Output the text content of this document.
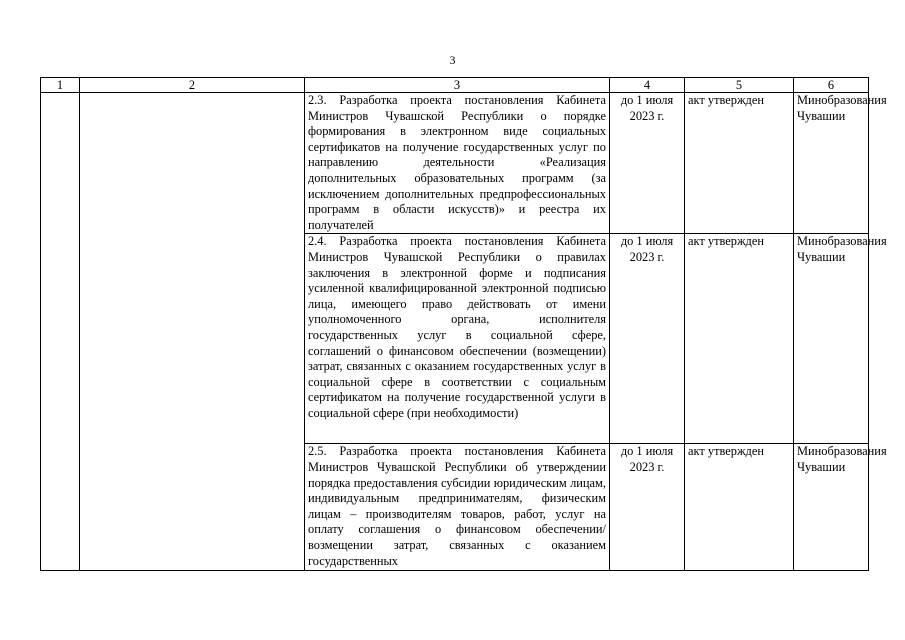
3
1	2	3	4	5	6
		2.3. Разработка проекта постановления Кабинета Министров Чувашской Республики о порядке формирования в электронном виде социальных сертификатов на получение государственных услуг по направлению деятельности «Реализация дополнительных образовательных программ (за исключением дополнительных предпрофессиональных программ в области искусств)» и реестра их получателей	до 1 июля 2023 г.	акт утвержден	Минобразования Чувашии
		2.4. Разработка проекта постановления Кабинета Министров Чувашской Республики о правилах заключения в электронной форме и подписания усиленной квалифицированной электронной подписью лица, имеющего право действовать от имени уполномоченного органа, исполнителя государственных услуг в социальной сфере, соглашений о финансовом обеспечении (возмещении) затрат, связанных с оказанием государственных услуг в социальной сфере в соответствии с социальным сертификатом на получение государственной услуги в социальной сфере (при необходимости)	до 1 июля 2023 г.	акт утвержден	Минобразования Чувашии

		2.5. Разработка проекта постановления Кабинета Министров Чувашской Республики об утверждении порядка предоставления субсидии юридическим лицам, индивидуальным предпринимателям, физическим лицам – производителям товаров, работ, услуг на оплату соглашения о финансовом обеспечении/возмещении затрат, связанных с оказанием государственных	до 1 июля 2023 г.	акт утвержден	Минобразования Чувашии
